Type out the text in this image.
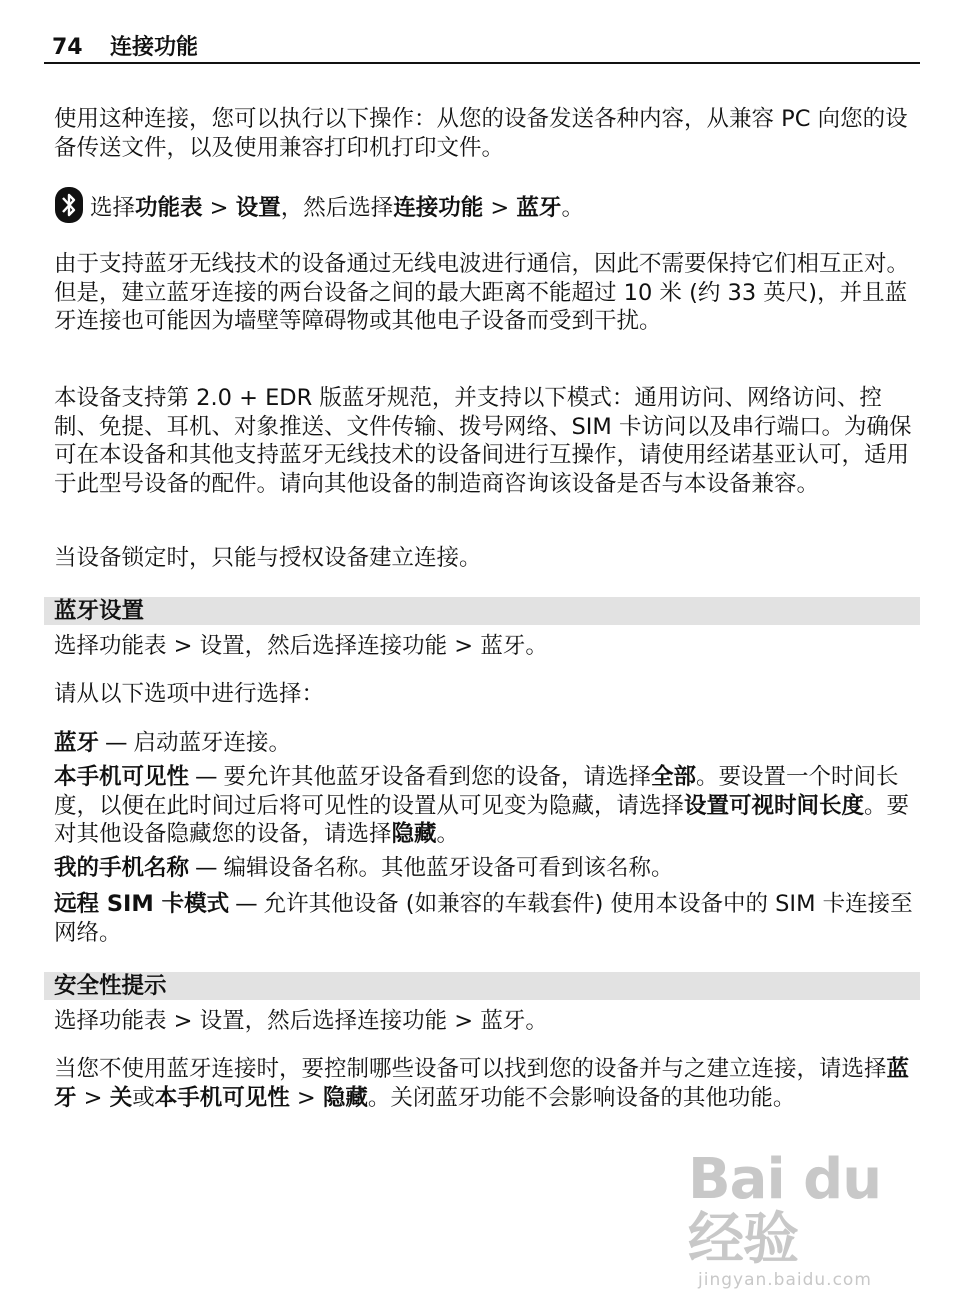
74 连接功能

使用这种连接，您可以执行以下操作：从您的设备发送各种内容，从兼容 PC 向您的设备传送文件，以及使用兼容打印机打印文件。

选择功能表 > 设置，然后选择连接功能 > 蓝牙。

由于支持蓝牙无线技术的设备通过无线电波进行通信，因此不需要保持它们相互正对。但是，建立蓝牙连接的两台设备之间的最大距离不能超过 10 米 (约 33 英尺)，并且蓝牙连接也可能因为墙壁等障碍物或其他电子设备而受到干扰。

本设备支持第 2.0 + EDR 版蓝牙规范，并支持以下模式：通用访问、网络访问、控制、免提、耳机、对象推送、文件传输、拨号网络、SIM 卡访问以及串行端口。为确保可在本设备和其他支持蓝牙无线技术的设备间进行互操作，请使用经诺基亚认可，适用于此型号设备的配件。请向其他设备的制造商咨询该设备是否与本设备兼容。

当设备锁定时，只能与授权设备建立连接。

蓝牙设置

选择功能表 > 设置，然后选择连接功能 > 蓝牙。

请从以下选项中进行选择：

蓝牙 — 启动蓝牙连接。

本手机可见性 — 要允许其他蓝牙设备看到您的设备，请选择全部。要设置一个时间长度，以便在此时间过后将可见性的设置从可见变为隐藏，请选择设置可视时间长度。要对其他设备隐藏您的设备，请选择隐藏。

我的手机名称 — 编辑设备名称。其他蓝牙设备可看到该名称。

远程 SIM 卡模式 — 允许其他设备 (如兼容的车载套件) 使用本设备中的 SIM 卡连接至网络。

安全性提示

选择功能表 > 设置，然后选择连接功能 > 蓝牙。

当您不使用蓝牙连接时，要控制哪些设备可以找到您的设备并与之建立连接，请选择蓝牙 > 关或本手机可见性 > 隐藏。关闭蓝牙功能不会影响设备的其他功能。

Bai du 经验
jingyan.baidu.com
